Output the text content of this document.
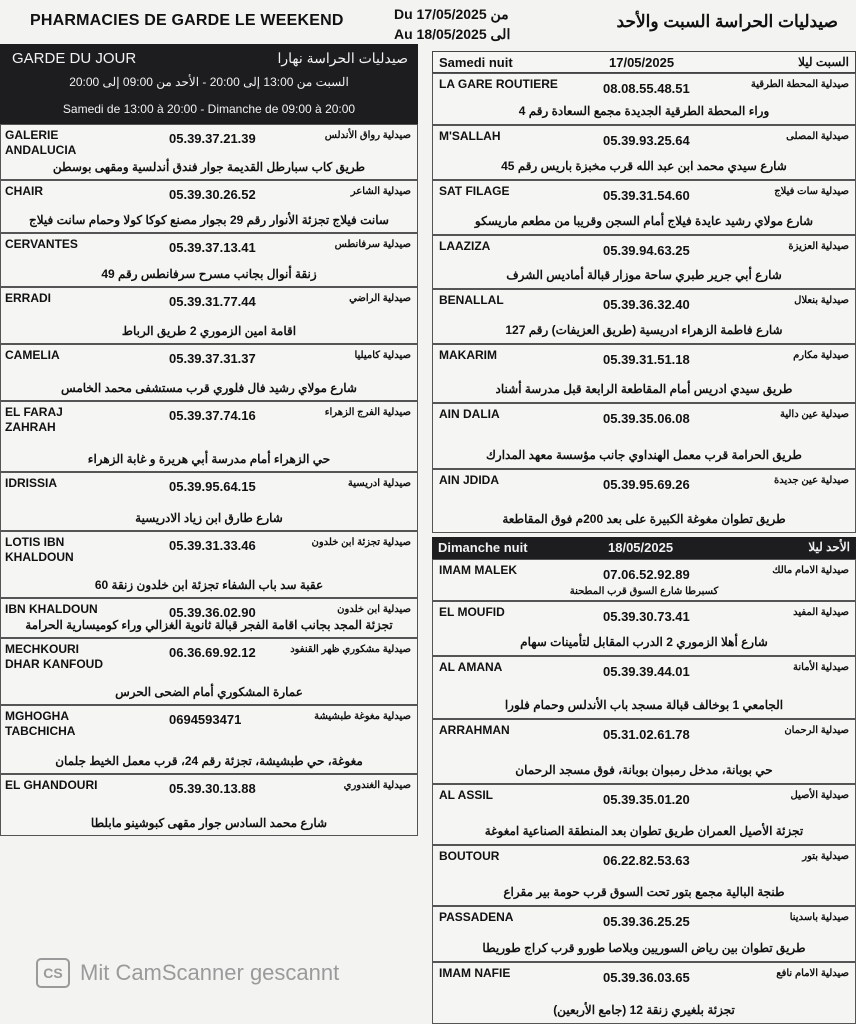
PHARMACIES DE GARDE LE WEEKEND	Du 17/05/2025 من
Au 18/05/2025 الى
صيدليات الحراسة السبت والأحد
GARDE DU JOUR	صيدليات الحراسة نهارا
السبت من 13:00 إلى 20:00 - الأحد من 09:00 إلى 20:00
Samedi de 13:00 à 20:00 - Dimanche de 09:00 à 20:00
GALERIE
ANDALUCIA
05.39.37.21.39	صيدلية رواق الأندلس
طريق كاب سبارطل القديمة جوار فندق أندلسية ومقهى بوسطن
CHAIR	05.39.30.26.52	صيدلية الشاعر
سانت فيلاج تجزئة الأنوار رقم 29 بجوار مصنع كوكا كولا وحمام سانت فيلاج
CERVANTES	05.39.37.13.41	صيدلية سرفانطس
زنقة أنوال بجانب مسرح سرفانطس رقم 49
ERRADI	05.39.31.77.44	صيدلية الراضي
اقامة امين الزموري 2 طريق الرباط
CAMELIA	05.39.37.31.37	صيدلية كاميليا
شارع مولاي رشيد فال فلوري قرب مستشفى محمد الخامس
EL FARAJ
ZAHRAH
05.39.37.74.16	صيدلية الفرج الزهراء
حي الزهراء أمام مدرسة أبي هريرة و غابة الزهراء
IDRISSIA	05.39.95.64.15	صيدلية ادريسية
شارع طارق ابن زياد الادريسية
LOTIS IBN
KHALDOUN
05.39.31.33.46	صيدلية تجزئة ابن خلدون
عقبة سد باب الشفاء تجزئة ابن خلدون زنقة 60
IBN KHALDOUN	05.39.36.02.90	صيدلية ابن خلدون
تجزئة المجد بجانب اقامة الفجر قبالة ثانوية الغزالي وراء كوميسارية الحرامة
MECHKOURI
DHAR KANFOUD
06.36.69.92.12	صيدلية مشكوري ظهر القنفود
عمارة المشكوري أمام الضحى الحرس
MGHOGHA
TABCHICHA
0694593471	صيدلية مغوغة طبشيشة
مغوغة، حي طبشيشة، تجزئة رقم 24، قرب معمل الخيط جلمان
EL GHANDOURI	05.39.30.13.88	صيدلية الغندوري
شارع محمد السادس جوار مقهى كبوشينو مابلطا
Samedi nuit	17/05/2025	السبت ليلا
Dimanche nuit	18/05/2025	الأحد ليلا
LA GARE ROUTIERE	08.08.55.48.51	صيدلية المحطة الطرقية
وراء المحطة الطرقية الجديدة مجمع السعادة رقم 4
M'SALLAH	05.39.93.25.64	صيدلية المصلى
شارع سيدي محمد ابن عبد الله قرب مخبزة باريس رقم 45
SAT FILAGE	05.39.31.54.60	صيدلية سات فيلاج
شارع مولاي رشيد عايدة فيلاج أمام السجن وقريبا من مطعم ماريسكو
LAAZIZA	05.39.94.63.25	صيدلية العزيزة
شارع أبي جرير طبري ساحة موزار قبالة أماديس الشرف
BENALLAL	05.39.36.32.40	صيدلية بنعلال
شارع فاطمة الزهراء ادريسية (طريق العزيفات) رقم 127
MAKARIM	05.39.31.51.18	صيدلية مكارم
طريق سيدي ادريس أمام المقاطعة الرابعة قبل مدرسة أشناد
AIN DALIA	05.39.35.06.08	صيدلية عين دالية
طريق الحرامة قرب معمل الهنداوي جانب مؤسسة معهد المدارك
AIN JDIDA	05.39.95.69.26	صيدلية عين جديدة
طريق تطوان مغوغة الكبيرة على بعد 200م فوق المقاطعة
IMAM MALEK	07.06.52.92.89	صيدلية الامام مالك
كسبرطا شارع السوق قرب المطحنة
EL MOUFID	05.39.30.73.41	صيدلية المفيد
شارع أهلا الزموري 2 الدرب المقابل لتأمينات سهام
AL AMANA	05.39.39.44.01	صيدلية الأمانة
الجامعي 1 بوخالف قبالة مسجد باب الأندلس وحمام فلورا
ARRAHMAN	05.31.02.61.78	صيدلية الرحمان
حي بوبانة، مدخل رمبوان بوبانة، فوق مسجد الرحمان
AL ASSIL	05.39.35.01.20	صيدلية الأصيل
تجزئة الأصيل العمران طريق تطوان بعد المنطقة الصناعية امغوغة
BOUTOUR	06.22.82.53.63	صيدلية بتور
طنجة البالية مجمع بتور تحت السوق قرب حومة بير مقراع
PASSADENA	05.39.36.25.25	صيدلية باسدينا
طريق تطوان بين رياض السوريين وبلاصا طورو قرب كراج طوريطا
IMAM NAFIE	05.39.36.03.65	صيدلية الامام نافع
تجزئة بلغيري زنقة 12 (جامع الأربعين)
CS Mit CamScanner gescannt
